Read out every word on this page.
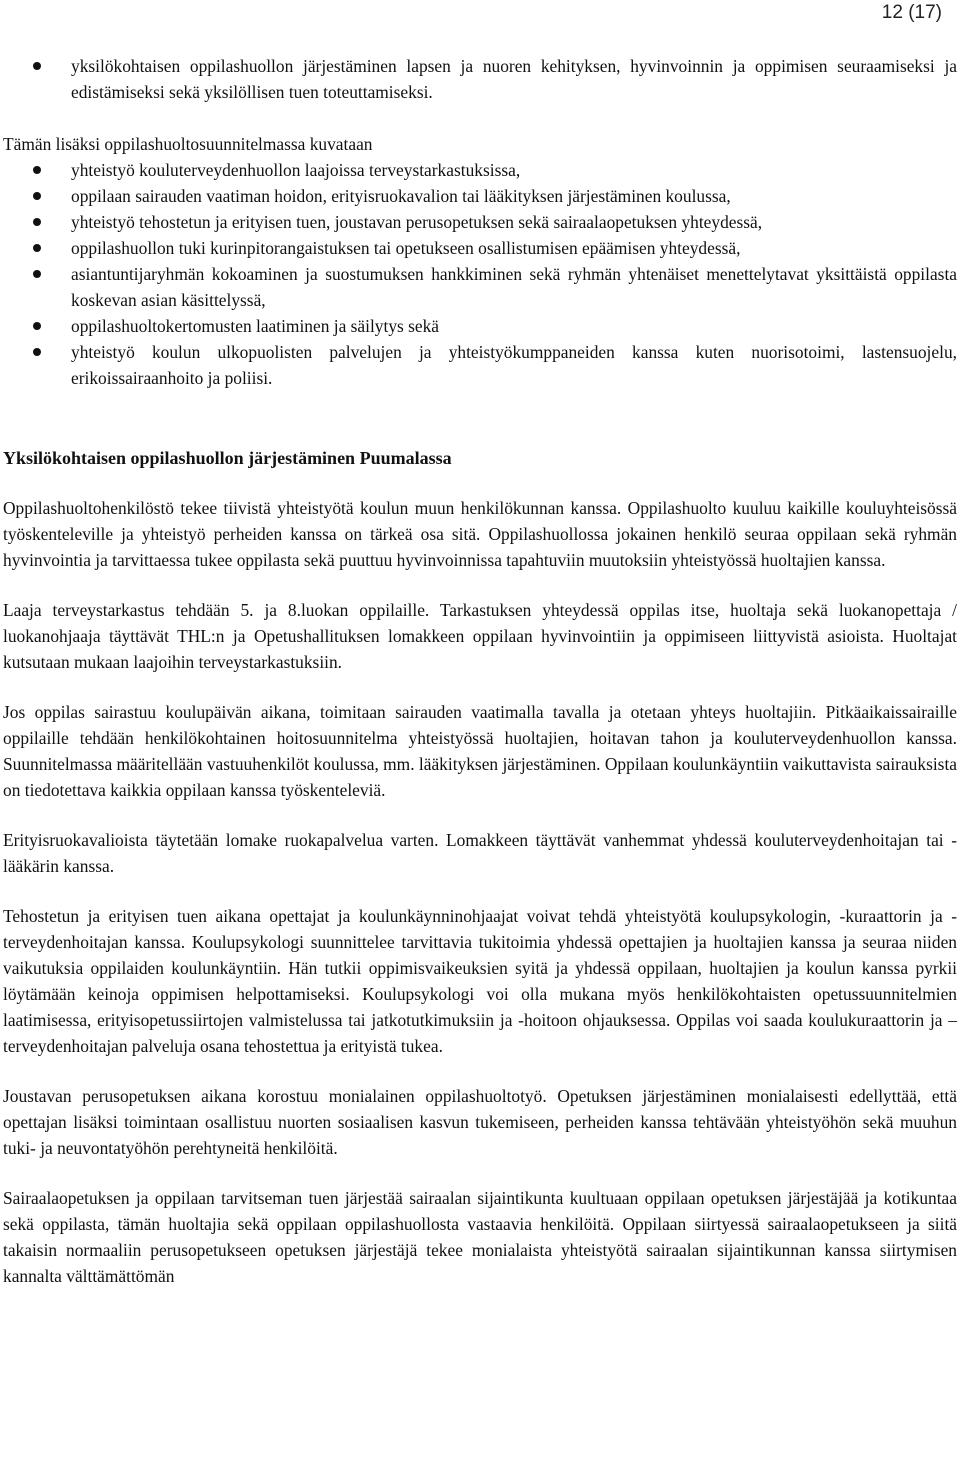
12 (17)
yksilökohtaisen oppilashuollon järjestäminen lapsen ja nuoren kehityksen, hyvinvoinnin ja oppimisen seuraamiseksi ja edistämiseksi sekä yksilöllisen tuen toteuttamiseksi.

Tämän lisäksi oppilashuoltosuunnitelmassa kuvataan

yhteistyö kouluterveydenhuollon laajoissa terveystarkastuksissa,
oppilaan sairauden vaatiman hoidon, erityisruokavalion tai lääkityksen järjestäminen koulussa,
yhteistyö tehostetun ja erityisen tuen, joustavan perusopetuksen sekä sairaalaopetuksen yhteydessä,
oppilashuollon tuki kurinpitorangaistuksen tai opetukseen osallistumisen epäämisen yhteydessä,
asiantuntijaryhmän kokoaminen ja suostumuksen hankkiminen sekä ryhmän yhtenäiset menettelytavat yksittäistä oppilasta koskevan asian käsittelyssä,
oppilashuoltokertomusten laatiminen ja säilytys sekä
yhteistyö koulun ulkopuolisten palvelujen ja yhteistyökumppaneiden kanssa kuten nuorisotoimi, lastensuojelu, erikoissairaanhoito ja poliisi.
Yksilökohtaisen oppilashuollon järjestäminen Puumalassa

Oppilashuoltohenkilöstö tekee tiivistä yhteistyötä koulun muun henkilökunnan kanssa. Oppilashuolto kuuluu kaikille kouluyhteisössä työskenteleville ja yhteistyö perheiden kanssa on tärkeä osa sitä. Oppilashuollossa jokainen henkilö seuraa oppilaan sekä ryhmän hyvinvointia ja tarvittaessa tukee oppilasta sekä puuttuu hyvinvoinnissa tapahtuviin muutoksiin yhteistyössä huoltajien kanssa.

Laaja terveystarkastus tehdään 5. ja 8.luokan oppilaille. Tarkastuksen yhteydessä oppilas itse, huoltaja sekä luokanopettaja / luokanohjaaja täyttävät THL:n ja Opetushallituksen lomakkeen oppilaan hyvinvointiin ja oppimiseen liittyvistä asioista. Huoltajat kutsutaan mukaan laajoihin terveystarkastuksiin.

Jos oppilas sairastuu koulupäivän aikana, toimitaan sairauden vaatimalla tavalla ja otetaan yhteys huoltajiin. Pitkäaikaissairaille oppilaille tehdään henkilökohtainen hoitosuunnitelma yhteistyössä huoltajien, hoitavan tahon ja kouluterveydenhuollon kanssa. Suunnitelmassa määritellään vastuuhenkilöt koulussa, mm. lääkityksen järjestäminen. Oppilaan koulunkäyntiin vaikuttavista sairauksista on tiedotettava kaikkia oppilaan kanssa työskenteleviä.

Erityisruokavalioista täytetään lomake ruokapalvelua varten. Lomakkeen täyttävät vanhemmat yhdessä kouluterveydenhoitajan tai -lääkärin kanssa.

Tehostetun ja erityisen tuen aikana opettajat ja koulunkäynninohjaajat voivat tehdä yhteistyötä koulupsykologin, -kuraattorin ja -terveydenhoitajan kanssa. Koulupsykologi suunnittelee tarvittavia tukitoimia yhdessä opettajien ja huoltajien kanssa ja seuraa niiden vaikutuksia oppilaiden koulunkäyntiin. Hän tutkii oppimisvaikeuksien syitä ja yhdessä oppilaan, huoltajien ja koulun kanssa pyrkii löytämään keinoja oppimisen helpottamiseksi. Koulupsykologi voi olla mukana myös henkilökohtaisten opetussuunnitelmien laatimisessa, erityisopetussiirtojen valmistelussa tai jatkotutkimuksiin ja -hoitoon ohjauksessa. Oppilas voi saada koulukuraattorin ja –terveydenhoitajan palveluja osana tehostettua ja erityistä tukea.

Joustavan perusopetuksen aikana korostuu monialainen oppilashuoltotyö. Opetuksen järjestäminen monialaisesti edellyttää, että opettajan lisäksi toimintaan osallistuu nuorten sosiaalisen kasvun tukemiseen, perheiden kanssa tehtävään yhteistyöhön sekä muuhun tuki- ja neuvontatyöhön perehtyneitä henkilöitä.

Sairaalaopetuksen ja oppilaan tarvitseman tuen järjestää sairaalan sijaintikunta kuultuaan oppilaan opetuksen järjestäjää ja kotikuntaa sekä oppilasta, tämän huoltajia sekä oppilaan oppilashuollosta vastaavia henkilöitä. Oppilaan siirtyessä sairaalaopetukseen ja siitä takaisin normaaliin perusopetukseen opetuksen järjestäjä tekee monialaista yhteistyötä sairaalan sijaintikunnan kanssa siirtymisen kannalta välttämättömän
